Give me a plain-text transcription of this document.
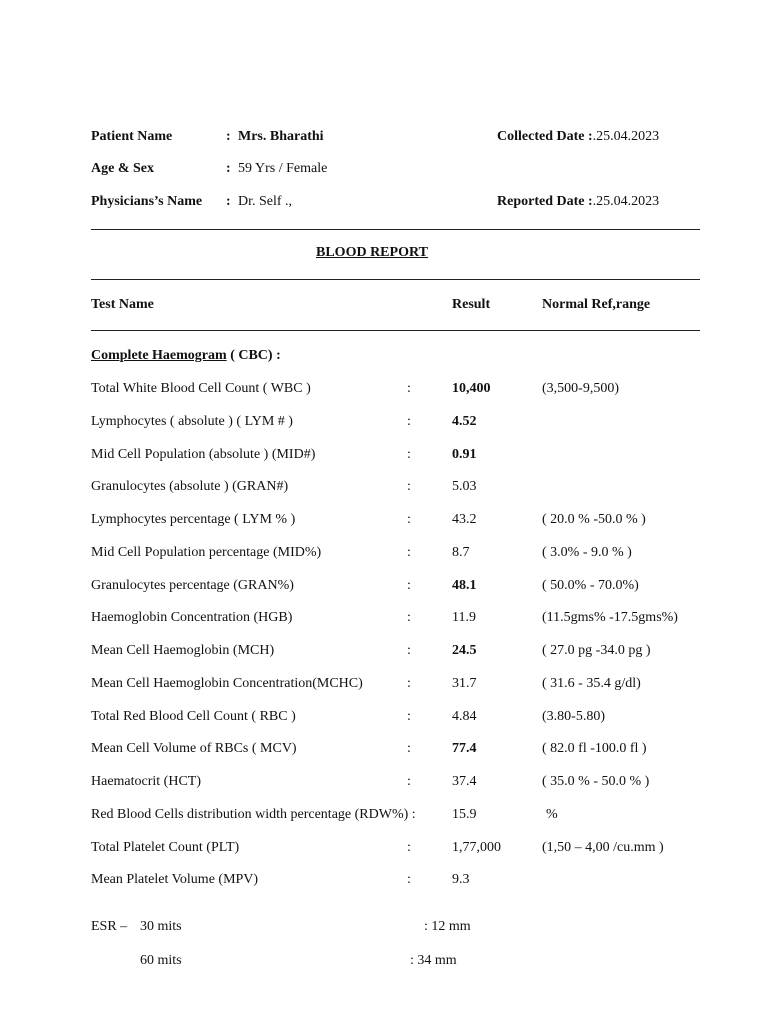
Patient Name	: Mrs. Bharathi
Age & Sex	: 59 Yrs / Female
Physicians’s Name : Dr. Self .,
Collected Date :.25.04.2023
Reported Date :.25.04.2023
BLOOD REPORT
Test Name	Result	Normal Ref,range
Complete Haemogram ( CBC) :
Total White Blood Cell Count ( WBC )	:	10,400	(3,500-9,500)
Lymphocytes ( absolute ) ( LYM # )	:	4.52
Mid Cell Population (absolute ) (MID#)	:	0.91
Granulocytes (absolute ) (GRAN#)	:	5.03
Lymphocytes percentage ( LYM % )	:	43.2	( 20.0 % -50.0 % )
Mid Cell Population percentage (MID%)	:	8.7	( 3.0% - 9.0 % )
Granulocytes percentage (GRAN%)	:	48.1	( 50.0% - 70.0%)
Haemoglobin Concentration (HGB)	:	11.9	(11.5gms% -17.5gms%)
Mean Cell Haemoglobin (MCH)	:	24.5	( 27.0 pg -34.0 pg )
Mean Cell Haemoglobin Concentration(MCHC)	:	31.7	( 31.6 - 35.4 g/dl)
Total Red Blood Cell Count ( RBC )	:	4.84	(3.80-5.80)
Mean Cell Volume of RBCs ( MCV)	:	77.4	( 82.0 fl -100.0 fl )
Haematocrit (HCT)	:	37.4	( 35.0 % - 50.0 % )
Red Blood Cells distribution width percentage (RDW%) :	15.9	%
Total Platelet Count (PLT)	:	1,77,000	(1,50 – 4,00 /cu.mm )
Mean Platelet Volume (MPV)	:	9.3
ESR – 30 mits	: 12 mm
60 mits	: 34 mm
